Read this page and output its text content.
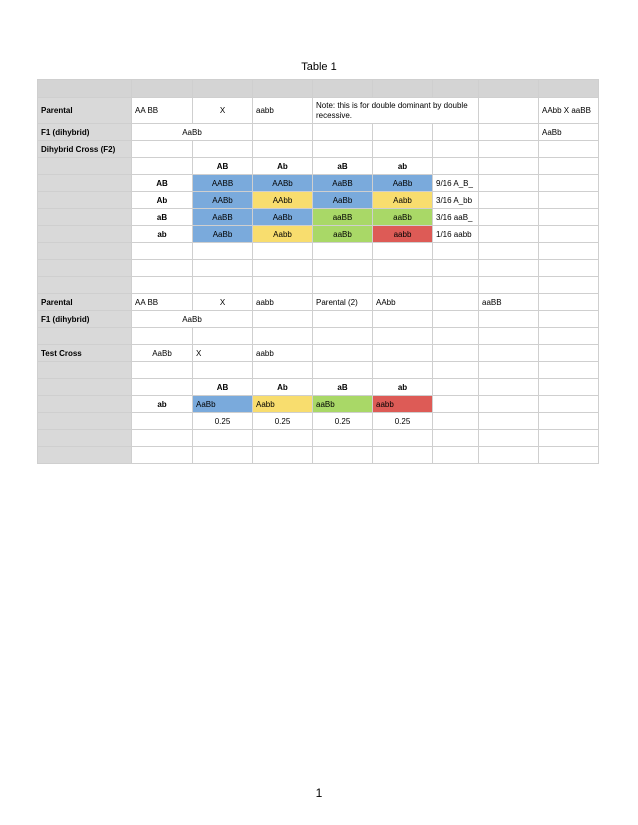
Table 1

Parental	AA BB	X	aabb	Note: this is for double dominant by double recessive.				AAbb X aaBB
F1 (dihybrid)	AaBb							AaBb
Dihybrid Cross (F2)								
		AB	Ab	aB	ab			
	AB	AABB	AABb	AaBB	AaBb	9/16 A_B_		
	Ab	AABb	AAbb	AaBb	Aabb	3/16 A_bb		
	aB	AaBB	AaBb	aaBB	aaBb	3/16 aaB_		
	ab	AaBb	Aabb	aaBb	aabb	1/16 aabb		

Parental	AA BB	X	aabb	Parental (2)	AAbb		aaBB	
F1 (dihybrid)	AaBb							

Test Cross	AaBb	X	aabb					

		AB	Ab	aB	ab			
	ab	AaBb	Aabb	aaBb	aabb			
		0.25	0.25	0.25	0.25			

1
